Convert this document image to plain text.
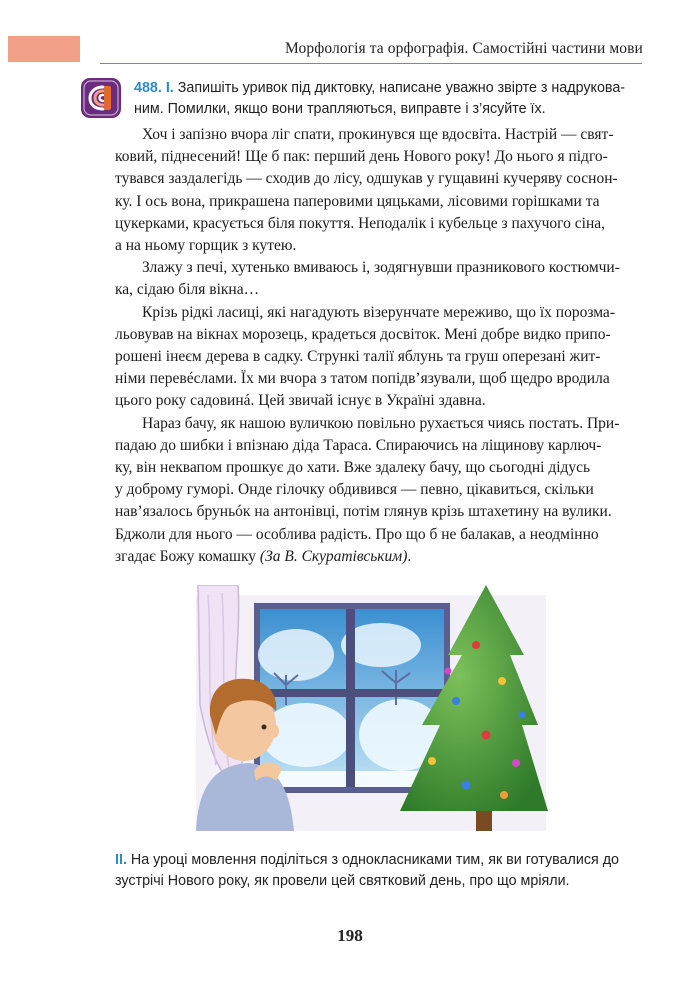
Морфологія та орфографія. Самостійні частини мови
488. I. Запишіть уривок під диктовку, написане уважно звірте з надрукова-
ним. Помилки, якщо вони трапляються, виправте і з’ясуйте їх.
Хоч і запізно вчора ліг спати, прокинувся ще вдосвіта. Настрій — свят-
ковий, піднесений! Ще б пак: перший день Нового року! До нього я підго-
тувався заздалегідь — сходив до лісу, одшукав у гущавині кучеряву соснон-
ку. І ось вона, прикрашена паперовими цяцьками, лісовими горішками та
цукерками, красується біля покуття. Неподалік і кубельце з пахучого сіна,
а на ньому горщик з кутею.
Злажу з печі, хутенько вмиваюсь і, зодягнувши празникового костюмчи-
ка, сідаю біля вікна…
Крізь рідкі ласиці, які нагадують візерунчате мереживо, що їх порозма-
льовував на вікнах морозець, крадеться досвіток. Мені добре видко припо-
рошені інеєм дерева в садку. Стрункі талії яблунь та груш оперезані жит-
німи перевéслами. Їх ми вчора з татом попідв’язували, щоб щедро вродила
цього року садовинá. Цей звичай існує в Україні здавна.
Нараз бачу, як нашою вуличкою повільно рухається чиясь постать. При-
падаю до шибки і впізнаю діда Тараса. Спираючись на ліщинову карлюч-
ку, він неквапом прошкує до хати. Вже здалеку бачу, що сьогодні дідусь
у доброму гуморі. Онде гілочку обдивився — певно, цікавиться, скільки
нав’язалось бруньóк на антонівці, потім глянув крізь штахетину на вулики.
Бджоли для нього — особлива радість. Про що б не балакав, а неодмінно
згадає Божу комашку (За В. Скуратівським).
II. На уроці мовлення поділіться з однокласниками тим, як ви готувалися до
зустрічі Нового року, як провели цей святковий день, про що мріяли.
198
